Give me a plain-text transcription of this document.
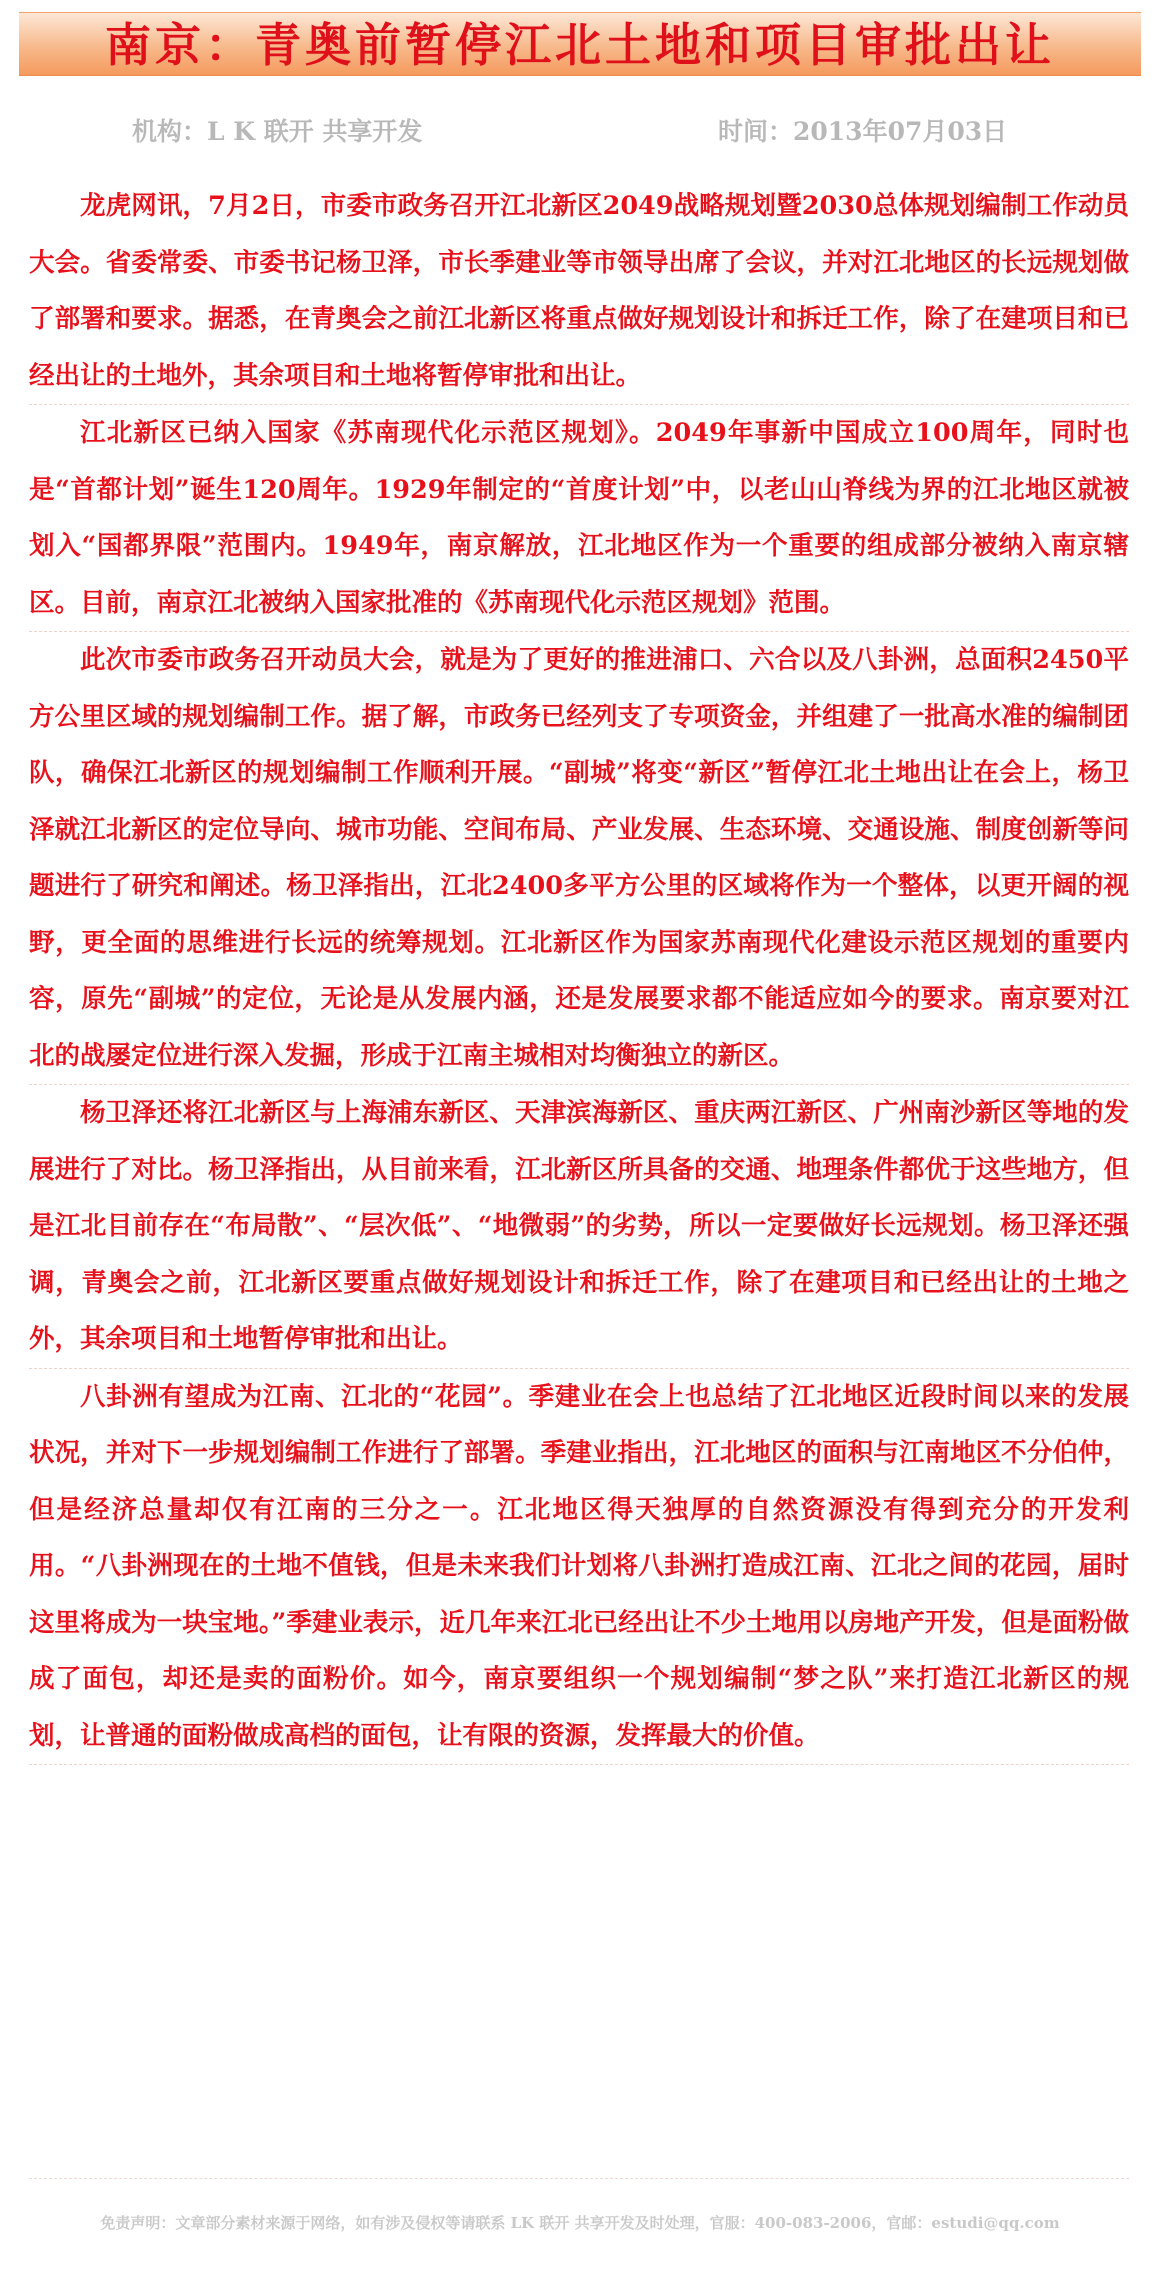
南京：青奥前暂停江北土地和项目审批出让
机构：L K 联开 共享开发	时间：2013年07月03日

龙虎网讯，7月2日，市委市政务召开江北新区2049战略规划暨2030总体规划编制工作动员大会。省委常委、市委书记杨卫泽，市长季建业等市领导出席了会议，并对江北地区的长远规划做了部署和要求。据悉，在青奥会之前江北新区将重点做好规划设计和拆迁工作，除了在建项目和已经出让的土地外，其余项目和土地将暂停审批和出让。

江北新区已纳入国家《苏南现代化示范区规划》。2049年事新中国成立100周年，同时也是“首都计划”诞生120周年。1929年制定的“首度计划”中，以老山山脊线为界的江北地区就被划入“国都界限”范围内。1949年，南京解放，江北地区作为一个重要的组成部分被纳入南京辖区。目前，南京江北被纳入国家批准的《苏南现代化示范区规划》范围。

此次市委市政务召开动员大会，就是为了更好的推进浦口、六合以及八卦洲，总面积2450平方公里区域的规划编制工作。据了解，市政务已经列支了专项资金，并组建了一批高水准的编制团队，确保江北新区的规划编制工作顺利开展。“副城”将变“新区”暂停江北土地出让在会上，杨卫泽就江北新区的定位导向、城市功能、空间布局、产业发展、生态环境、交通设施、制度创新等问题进行了研究和阐述。杨卫泽指出，江北2400多平方公里的区域将作为一个整体，以更开阔的视野，更全面的思维进行长远的统筹规划。江北新区作为国家苏南现代化建设示范区规划的重要内容，原先“副城”的定位，无论是从发展内涵，还是发展要求都不能适应如今的要求。南京要对江北的战屡定位进行深入发掘，形成于江南主城相对均衡独立的新区。

杨卫泽还将江北新区与上海浦东新区、天津滨海新区、重庆两江新区、广州南沙新区等地的发展进行了对比。杨卫泽指出，从目前来看，江北新区所具备的交通、地理条件都优于这些地方，但是江北目前存在“布局散”、“层次低”、“地微弱”的劣势，所以一定要做好长远规划。杨卫泽还强调，青奥会之前，江北新区要重点做好规划设计和拆迁工作，除了在建项目和已经出让的土地之外，其余项目和土地暂停审批和出让。

八卦洲有望成为江南、江北的“花园”。季建业在会上也总结了江北地区近段时间以来的发展状况，并对下一步规划编制工作进行了部署。季建业指出，江北地区的面积与江南地区不分伯仲，但是经济总量却仅有江南的三分之一。江北地区得天独厚的自然资源没有得到充分的开发利用。“八卦洲现在的土地不值钱，但是未来我们计划将八卦洲打造成江南、江北之间的花园，届时这里将成为一块宝地。”季建业表示，近几年来江北已经出让不少土地用以房地产开发，但是面粉做成了面包，却还是卖的面粉价。如今，南京要组织一个规划编制“梦之队”来打造江北新区的规划，让普通的面粉做成高档的面包，让有限的资源，发挥最大的价值。

免责声明：文章部分素材来源于网络，如有涉及侵权等请联系 LK 联开 共享开发及时处理，官服：400-083-2006，官邮：estudi@qq.com
